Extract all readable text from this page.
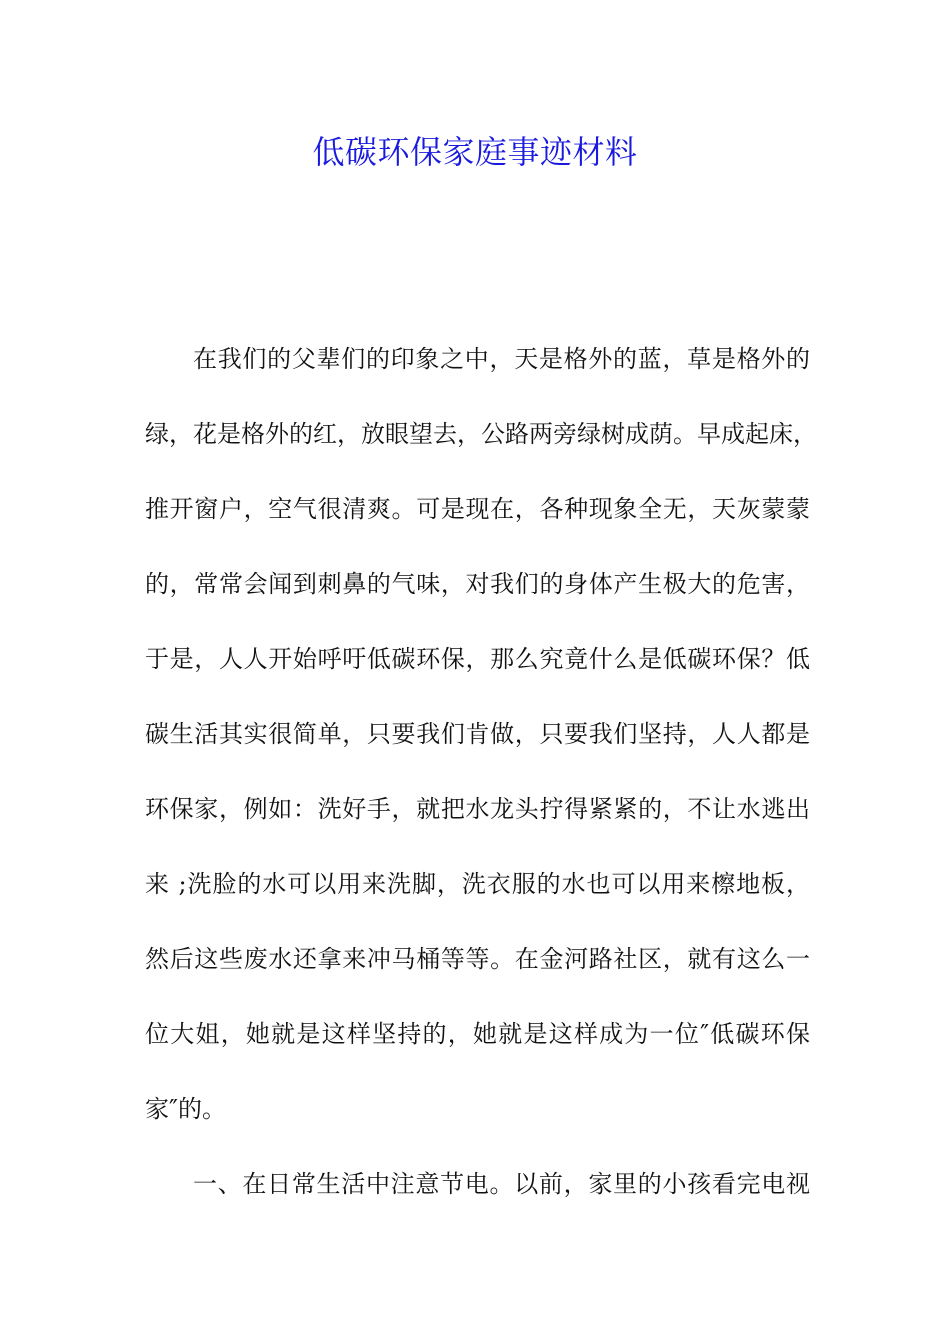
低碳环保家庭事迹材料
在我们的父辈们的印象之中，天是格外的蓝，草是格外的
绿，花是格外的红，放眼望去，公路两旁绿树成荫。早成起床，
推开窗户，空气很清爽。可是现在，各种现象全无，天灰蒙蒙
的，常常会闻到刺鼻的气味，对我们的身体产生极大的危害，
于是，人人开始呼吁低碳环保，那么究竟什么是低碳环保？低
碳生活其实很简单，只要我们肯做，只要我们坚持，人人都是
环保家，例如：洗好手，就把水龙头拧得紧紧的，不让水逃出
来 ;洗脸的水可以用来洗脚，洗衣服的水也可以用来檫地板，
然后这些废水还拿来冲马桶等等。在金河路社区，就有这么一
位大姐，她就是这样坚持的，她就是这样成为一位″低碳环保
家″的。
一、在日常生活中注意节电。以前，家里的小孩看完电视
